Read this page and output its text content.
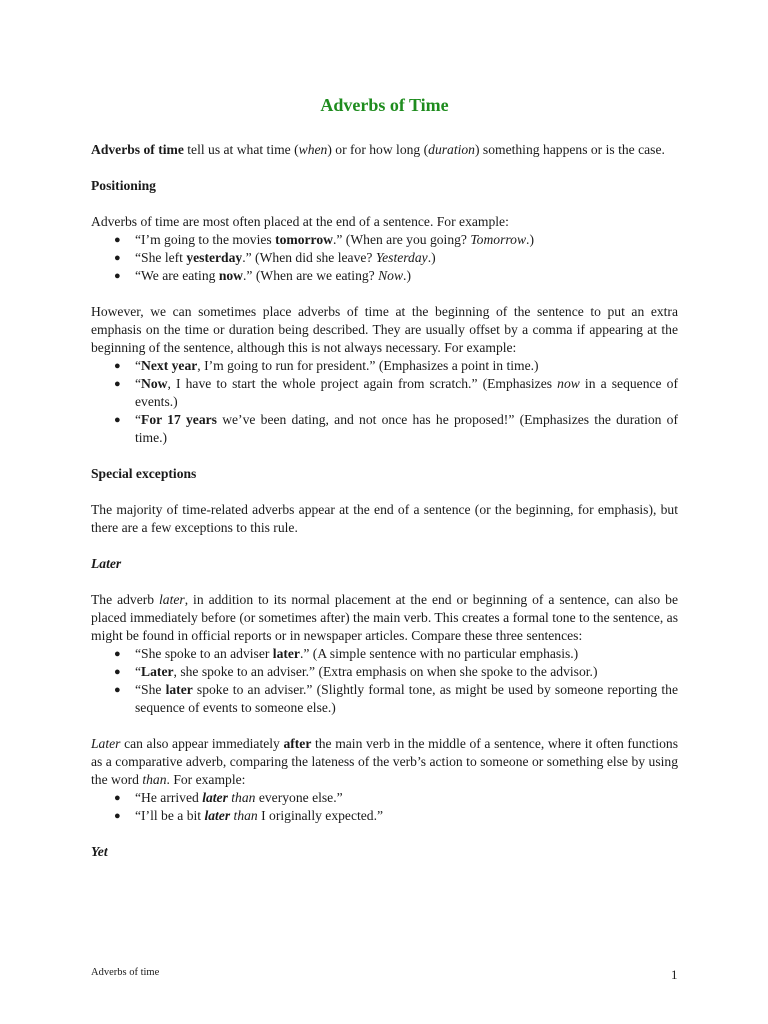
Adverbs of Time

Adverbs of time tell us at what time (when) or for how long (duration) something happens or is the case.

Positioning

Adverbs of time are most often placed at the end of a sentence. For example:

● “I’m going to the movies tomorrow.” (When are you going? Tomorrow.)
● “She left yesterday.” (When did she leave? Yesterday.)
● “We are eating now.” (When are we eating? Now.)

However, we can sometimes place adverbs of time at the beginning of the sentence to put an extra emphasis on the time or duration being described. They are usually offset by a comma if appearing at the beginning of the sentence, although this is not always necessary. For example:

● “Next year, I’m going to run for president.” (Emphasizes a point in time.)
● “Now, I have to start the whole project again from scratch.” (Emphasizes now in a sequence of events.)
● “For 17 years we’ve been dating, and not once has he proposed!” (Emphasizes the duration of time.)

Special exceptions

The majority of time-related adverbs appear at the end of a sentence (or the beginning, for emphasis), but there are a few exceptions to this rule.

Later

The adverb later, in addition to its normal placement at the end or beginning of a sentence, can also be placed immediately before (or sometimes after) the main verb. This creates a formal tone to the sentence, as might be found in official reports or in newspaper articles. Compare these three sentences:

● “She spoke to an adviser later.” (A simple sentence with no particular emphasis.)
● “Later, she spoke to an adviser.” (Extra emphasis on when she spoke to the advisor.)
● “She later spoke to an adviser.” (Slightly formal tone, as might be used by someone reporting the sequence of events to someone else.)

Later can also appear immediately after the main verb in the middle of a sentence, where it often functions as a comparative adverb, comparing the lateness of the verb’s action to someone or something else by using the word than. For example:

● “He arrived later than everyone else.”
● “I’ll be a bit later than I originally expected.”

Yet

Adverbs of time	1
